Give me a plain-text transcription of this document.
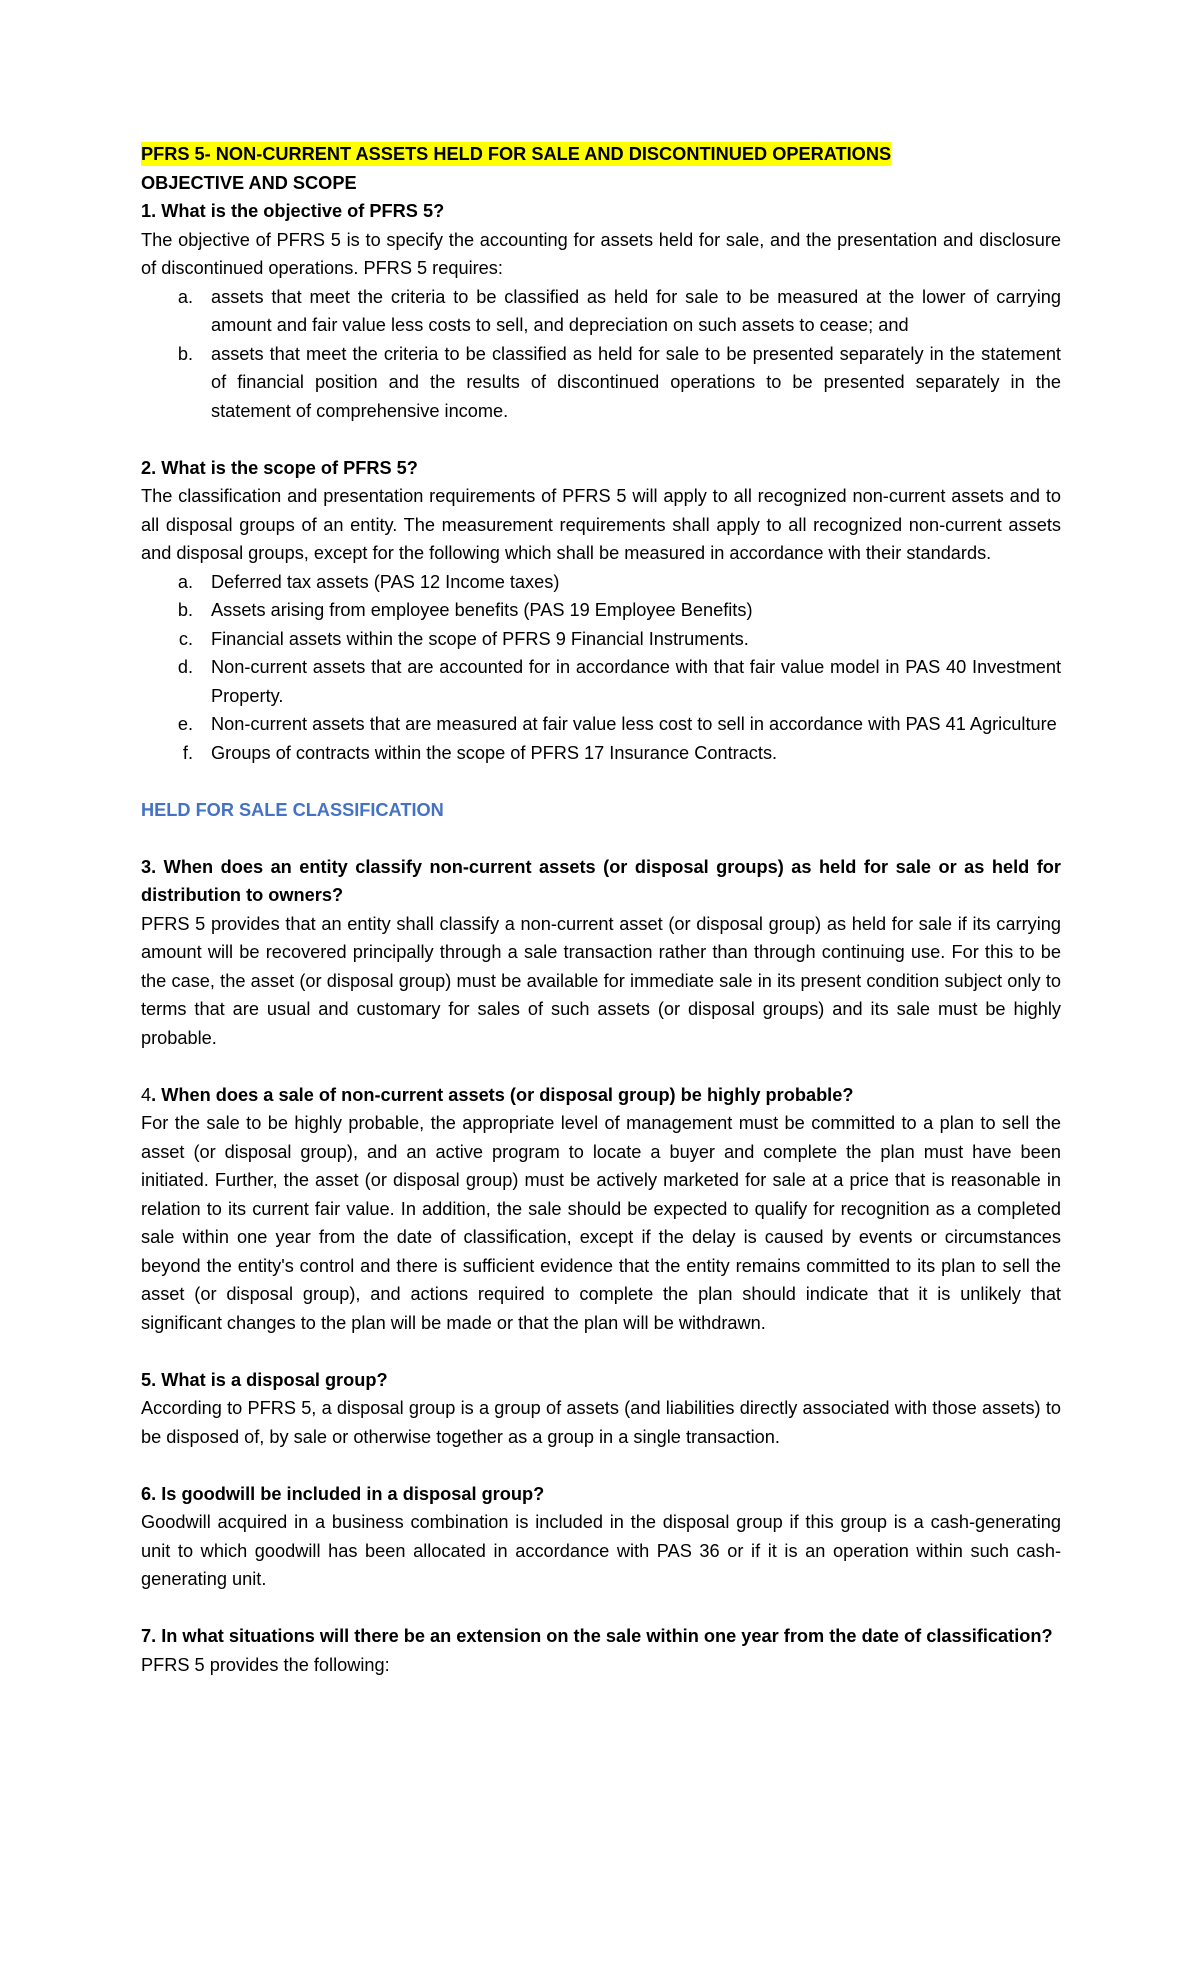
PFRS 5- NON-CURRENT ASSETS HELD FOR SALE AND DISCONTINUED OPERATIONS
OBJECTIVE AND SCOPE
1. What is the objective of PFRS 5?

The objective of PFRS 5 is to specify the accounting for assets held for sale, and the presentation and disclosure of discontinued operations. PFRS 5 requires:

a. assets that meet the criteria to be classified as held for sale to be measured at the lower of carrying amount and fair value less costs to sell, and depreciation on such assets to cease; and
b. assets that meet the criteria to be classified as held for sale to be presented separately in the statement of financial position and the results of discontinued operations to be presented separately in the statement of comprehensive income.
2. What is the scope of PFRS 5?

The classification and presentation requirements of PFRS 5 will apply to all recognized non-current assets and to all disposal groups of an entity. The measurement requirements shall apply to all recognized non-current assets and disposal groups, except for the following which shall be measured in accordance with their standards.

a. Deferred tax assets (PAS 12 Income taxes)
b. Assets arising from employee benefits (PAS 19 Employee Benefits)
c. Financial assets within the scope of PFRS 9 Financial Instruments.
d. Non-current assets that are accounted for in accordance with that fair value model in PAS 40 Investment Property.
e. Non-current assets that are measured at fair value less cost to sell in accordance with PAS 41 Agriculture
f. Groups of contracts within the scope of PFRS 17 Insurance Contracts.
HELD FOR SALE CLASSIFICATION

3. When does an entity classify non-current assets (or disposal groups) as held for sale or as held for distribution to owners?

PFRS 5 provides that an entity shall classify a non-current asset (or disposal group) as held for sale if its carrying amount will be recovered principally through a sale transaction rather than through continuing use. For this to be the case, the asset (or disposal group) must be available for immediate sale in its present condition subject only to terms that are usual and customary for sales of such assets (or disposal groups) and its sale must be highly probable.

4. When does a sale of non-current assets (or disposal group) be highly probable?

For the sale to be highly probable, the appropriate level of management must be committed to a plan to sell the asset (or disposal group), and an active program to locate a buyer and complete the plan must have been initiated. Further, the asset (or disposal group) must be actively marketed for sale at a price that is reasonable in relation to its current fair value. In addition, the sale should be expected to qualify for recognition as a completed sale within one year from the date of classification, except if the delay is caused by events or circumstances beyond the entity's control and there is sufficient evidence that the entity remains committed to its plan to sell the asset (or disposal group), and actions required to complete the plan should indicate that it is unlikely that significant changes to the plan will be made or that the plan will be withdrawn.

5. What is a disposal group?

According to PFRS 5, a disposal group is a group of assets (and liabilities directly associated with those assets) to be disposed of, by sale or otherwise together as a group in a single transaction.

6. Is goodwill be included in a disposal group?

Goodwill acquired in a business combination is included in the disposal group if this group is a cash-generating unit to which goodwill has been allocated in accordance with PAS 36 or if it is an operation within such cash-generating unit.

7. In what situations will there be an extension on the sale within one year from the date of classification?

PFRS 5 provides the following:
